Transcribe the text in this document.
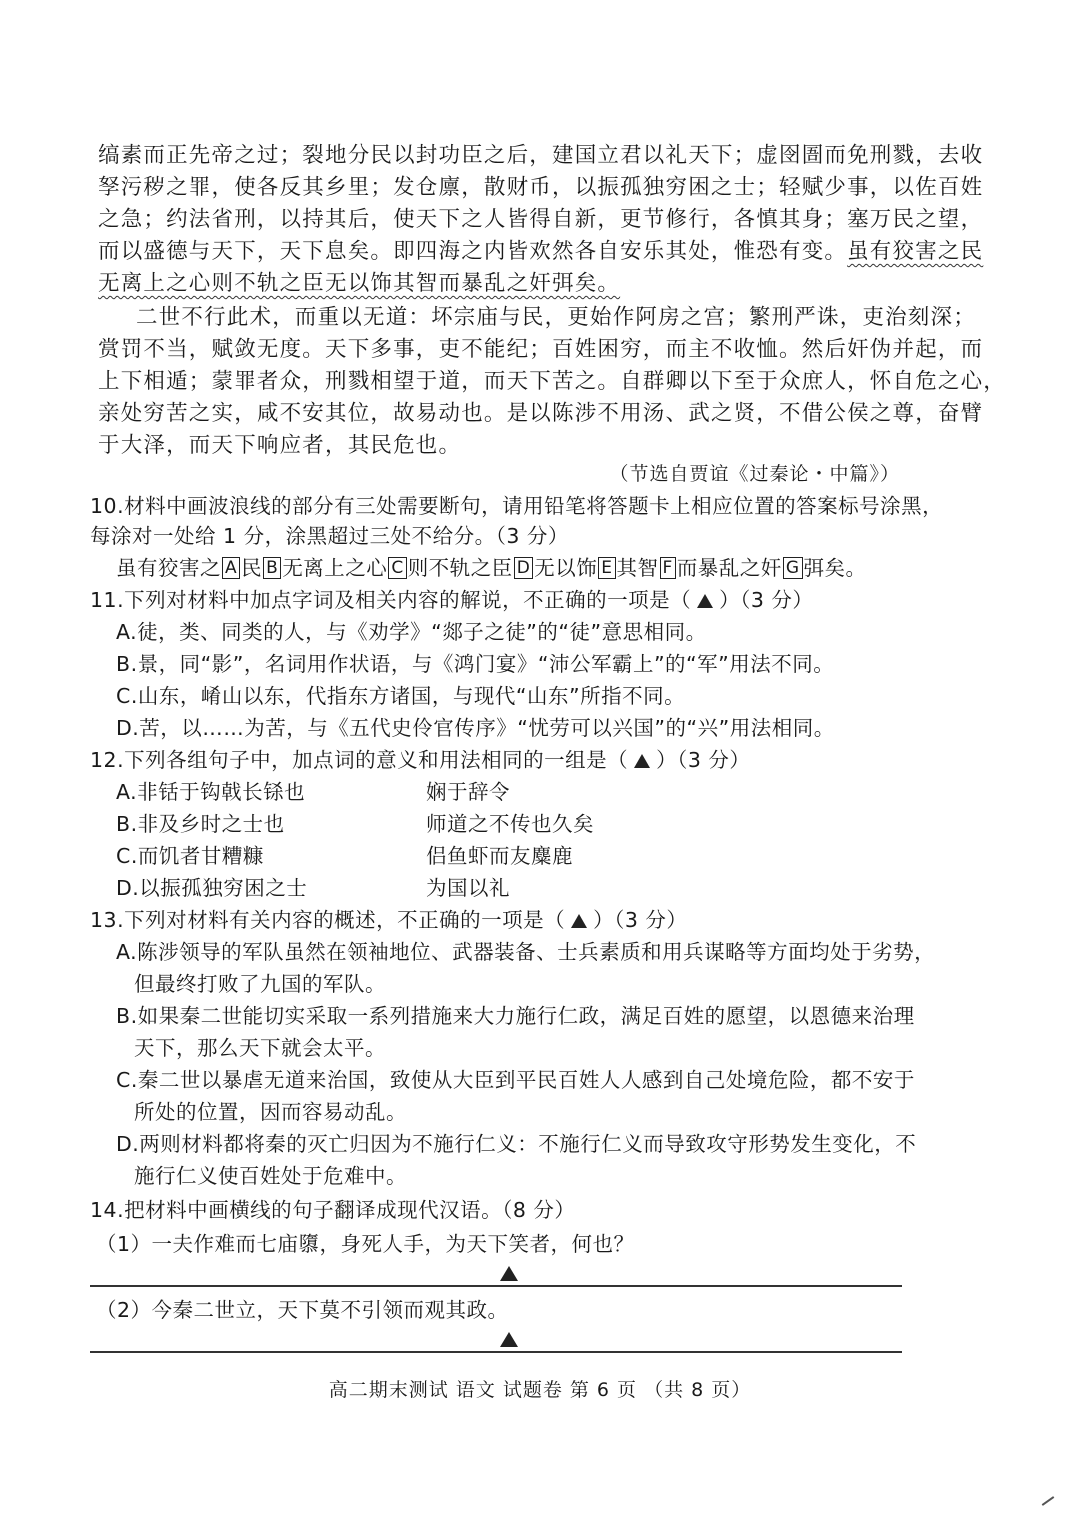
缟素而正先帝之过；裂地分民以封功臣之后，建国立君以礼天下；虚囹圄而免刑戮，去收
孥污秽之罪，使各反其乡里；发仓廪，散财币，以振孤独穷困之士；轻赋少事，以佐百姓
之急；约法省刑，以持其后，使天下之人皆得自新，更节修行，各慎其身；塞万民之望，
而以盛德与天下，天下息矣。即四海之内皆欢然各自安乐其处，惟恐有变。虽有狡害之民
无离上之心则不轨之臣无以饰其智而暴乱之奸弭矣。
二世不行此术，而重以无道：坏宗庙与民，更始作阿房之宫；繁刑严诛，吏治刻深；
赏罚不当，赋敛无度。天下多事，吏不能纪；百姓困穷，而主不收恤。然后奸伪并起，而
上下相遁；蒙罪者众，刑戮相望于道，而天下苦之。自群卿以下至于众庶人，怀自危之心，
亲处穷苦之实，咸不安其位，故易动也。是以陈涉不用汤、武之贤，不借公侯之尊，奋臂
于大泽，而天下响应者，其民危也。
（节选自贾谊《过秦论・中篇》）
10.材料中画波浪线的部分有三处需要断句，请用铅笔将答题卡上相应位置的答案标号涂黑，
每涂对一处给 1 分，涂黑超过三处不给分。（3 分）
虽有狡害之 A 民 B 无离上之心 C 则不轨之臣 D 无以饰 E 其智 F 而暴乱之奸 G 弭矣。
11.下列对材料中加点字词及相关内容的解说，不正确的一项是（ ）（3 分）
A.徒，类、同类的人，与《劝学》“郯子之徒”的“徒”意思相同。
B.景，同“影”，名词用作状语，与《鸿门宴》“沛公军霸上”的“军”用法不同。
C.山东，崤山以东，代指东方诸国，与现代“山东”所指不同。
D.苦，以……为苦，与《五代史伶官传序》“忧劳可以兴国”的“兴”用法相同。
12.下列各组句子中，加点词的意义和用法相同的一组是（ ）（3 分）
A.非铦于钩戟长铩也	娴于辞令
B.非及乡时之士也	师道之不传也久矣
C.而饥者甘糟糠	侣鱼虾而友麋鹿
D.以振孤独穷困之士	为国以礼
13.下列对材料有关内容的概述，不正确的一项是（ ）（3 分）
A.陈涉领导的军队虽然在领袖地位、武器装备、士兵素质和用兵谋略等方面均处于劣势，
但最终打败了九国的军队。
B.如果秦二世能切实采取一系列措施来大力施行仁政，满足百姓的愿望，以恩德来治理
天下，那么天下就会太平。
C.秦二世以暴虐无道来治国，致使从大臣到平民百姓人人感到自己处境危险，都不安于
所处的位置，因而容易动乱。
D.两则材料都将秦的灭亡归因为不施行仁义：不施行仁义而导致攻守形势发生变化，不
施行仁义使百姓处于危难中。
14.把材料中画横线的句子翻译成现代汉语。（8 分）
（1）一夫作难而七庙隳，身死人手，为天下笑者，何也？
（2）今秦二世立，天下莫不引领而观其政。
高二期末测试 语文 试题卷 第 6 页 （共 8 页）
